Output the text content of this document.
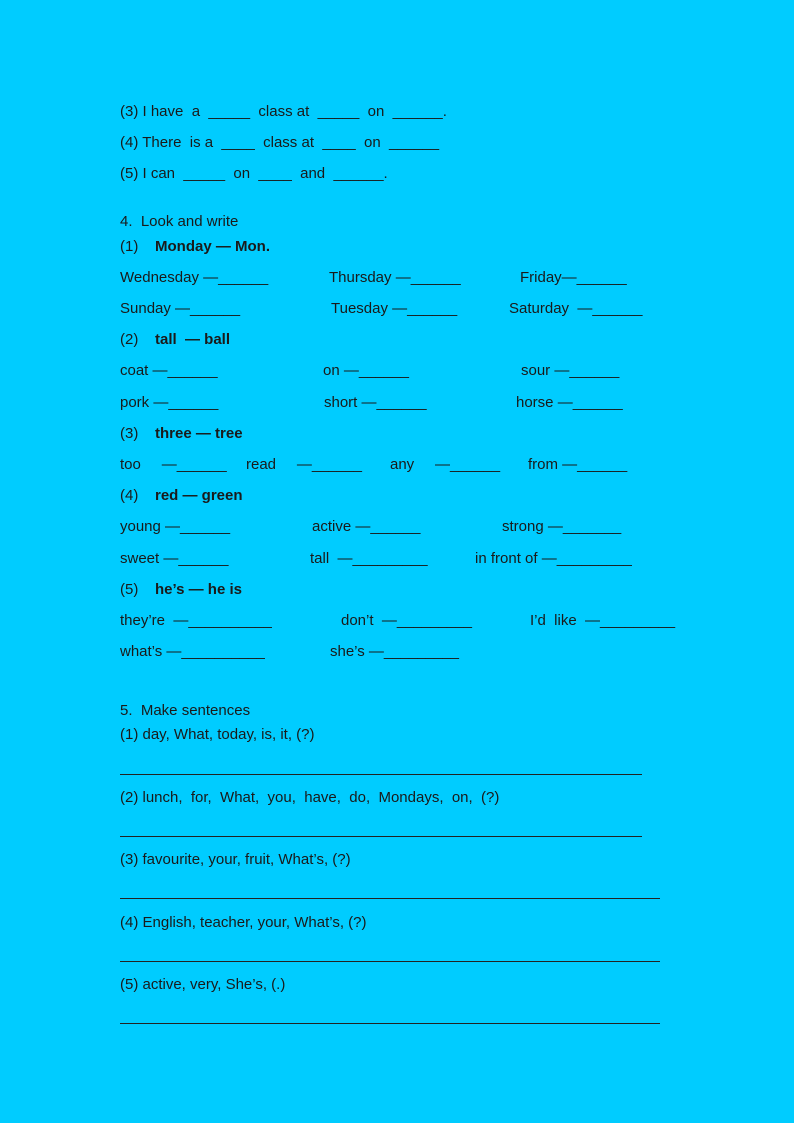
(3) I have  a  _____  class at  _____  on  ______.
(4) There  is a  ____  class at  ____  on  ______
(5) I can  _____  on  ____  and  ______.
4.  Look and write
(1) Monday — Mon.
Wednesday —______	Thursday —______	Friday—______
Sunday —______	Tuesday —______	Saturday  —______
(2) tall  — ball
coat —______	on —______	sour —______
pork —______	short —______	horse —______
(3) three — tree
too     —______ read     —______ any     —______ from —______
(4) red — green
young —______	active —______	strong —_______
sweet —______	tall  —_________	in front of —_________
(5) he’s — he is
they’re  —__________	don’t  —_________	I’d  like  —_________
what’s —__________	she’s —_________
5.  Make sentences
(1) day, What, today, is, it, (?)
(2) lunch,  for,  What,  you,  have,  do,  Mondays,  on,  (?)
(3) favourite, your, fruit, What’s, (?)
(4) English, teacher, your, What’s, (?)
(5) active, very, She’s, (.)
